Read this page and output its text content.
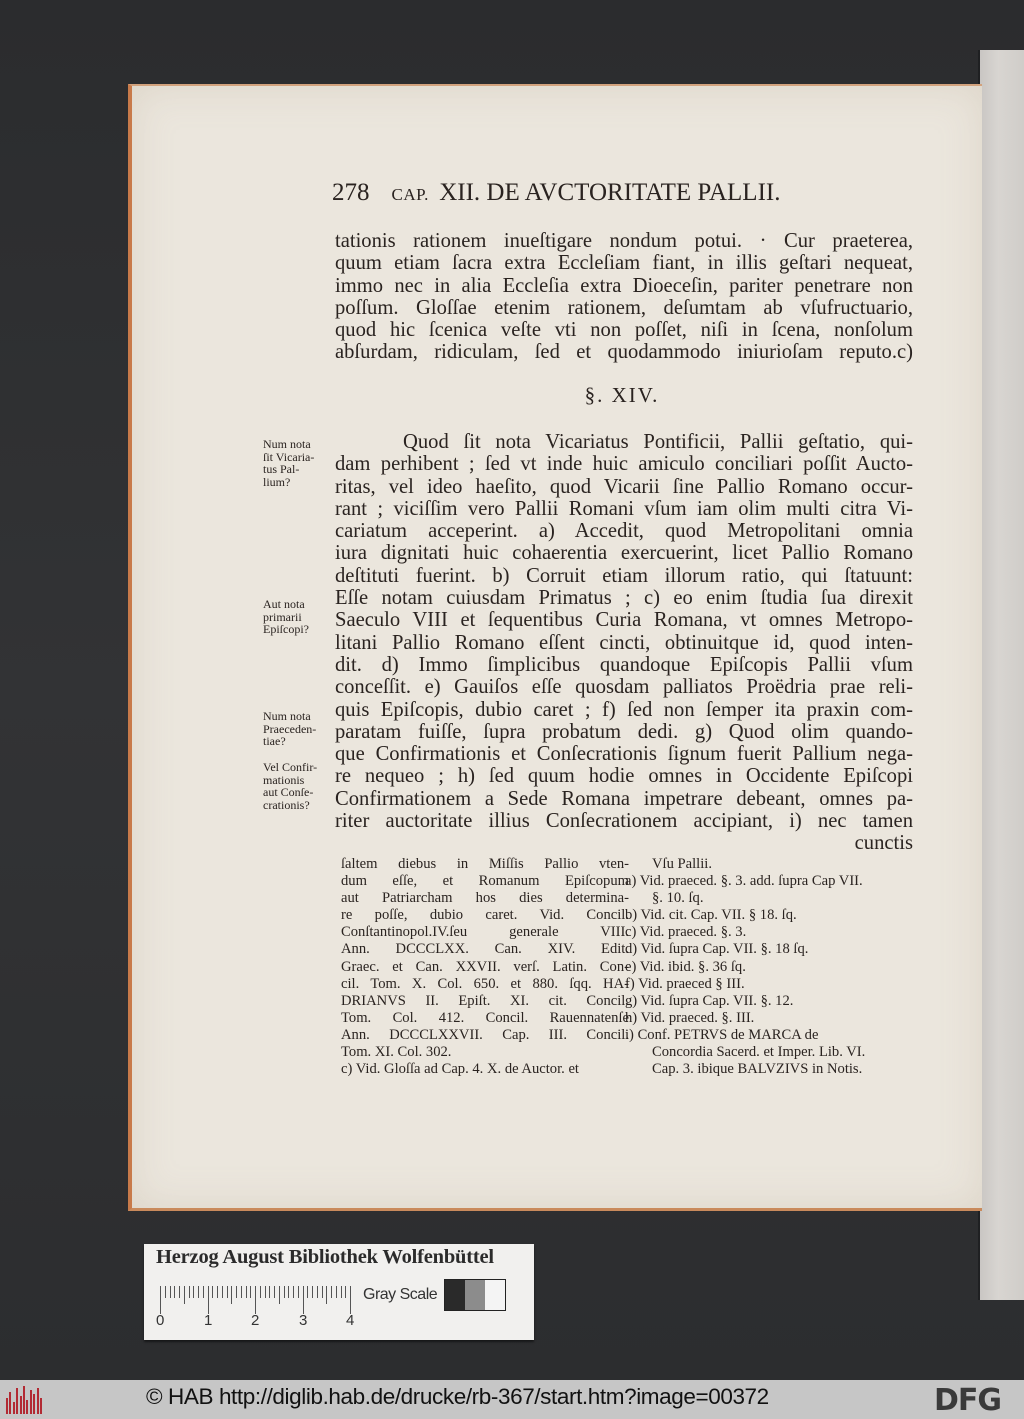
278 CAP. XII. DE AVCTORITATE PALLII.
tationis rationem inueſtigare nondum potui. · Cur praeterea,
quum etiam ſacra extra Eccleſiam fiant, in illis geſtari nequeat,
immo nec in alia Eccleſia extra Dioeceſin, pariter penetrare non
poſſum. Gloſſae etenim rationem, deſumtam ab vſufructuario,
quod hic ſcenica veſte vti non poſſet, niſi in ſcena, nonſolum
abſurdam, ridiculam, ſed et quodammodo iniurioſam reputo.c)
§. XIV.
Quod ſit nota Vicariatus Pontificii, Pallii geſtatio, qui-
dam perhibent ; ſed vt inde huic amiculo conciliari poſſit Aucto-
ritas, vel ideo haeſito, quod Vicarii ſine Pallio Romano occur-
rant ; viciſſim vero Pallii Romani vſum iam olim multi citra Vi-
cariatum acceperint. a) Accedit, quod Metropolitani omnia
iura dignitati huic cohaerentia exercuerint, licet Pallio Romano
deſtituti fuerint. b) Corruit etiam illorum ratio, qui ſtatuunt:
Eſſe notam cuiusdam Primatus ; c) eo enim ſtudia ſua direxit
Saeculo VIII et ſequentibus Curia Romana, vt omnes Metropo-
litani Pallio Romano eſſent cincti, obtinuitque id, quod inten-
dit. d) Immo ſimplicibus quandoque Epiſcopis Pallii vſum
conceſſit. e) Gauiſos eſſe quosdam palliatos Proëdria prae reli-
quis Epiſcopis, dubio caret ; f) ſed non ſemper ita praxin com-
paratam fuiſſe, ſupra probatum dedi. g) Quod olim quando-
que Confirmationis et Conſecrationis ſignum fuerit Pallium nega-
re nequeo ; h) ſed quum hodie omnes in Occidente Epiſcopi
Confirmationem a Sede Romana impetrare debeant, omnes pa-
riter auctoritate illius Conſecrationem accipiant, i) nec tamen
cunctis
Num nota
ſit Vicaria-
tus Pal-
lium?
Aut nota
primarii
Epiſcopi?
Num nota
Praeceden-
tiae?
Vel Confir-
mationis
aut Conſe-
crationis?
ſaltem diebus in Miſſis Pallio vten-
dum eſſe, et Romanum Epiſcopum
aut Patriarcham hos dies determina-
re poſſe, dubio caret. Vid. Concil.
Conſtantinopol.IV.ſeu generale VIII.
Ann. DCCCLXX. Can. XIV. Edit.
Graec. et Can. XXVII. verſ. Latin. Con-
cil. Tom. X. Col. 650. et 880. ſqq. HA-
DRIANVS II. Epiſt. XI. cit. Concil.
Tom. Col. 412. Concil. Rauennatenſe
Ann. DCCCLXXVII. Cap. III. Concil.
Tom. XI. Col. 302.
c) Vid. Gloſſa ad Cap. 4. X. de Auctor. et
Vſu Pallii.
a) Vid. praeced. §. 3. add. ſupra Cap VII.
§. 10. ſq.
b) Vid. cit. Cap. VII. § 18. ſq.
c) Vid. praeced. §. 3.
d) Vid. ſupra Cap. VII. §. 18 ſq.
e) Vid. ibid. §. 36 ſq.
f) Vid. praeced § III.
g) Vid. ſupra Cap. VII. §. 12.
h) Vid. praeced. §. III.
i) Conf. PETRVS de MARCA de
Concordia Sacerd. et Imper. Lib. VI.
Cap. 3. ibique BALVZIVS in Notis.
Herzog August Bibliothek Wolfenbüttel
0	1	2	3	4
Gray Scale
© HAB http://diglib.hab.de/drucke/rb-367/start.htm?image=00372	DFG
